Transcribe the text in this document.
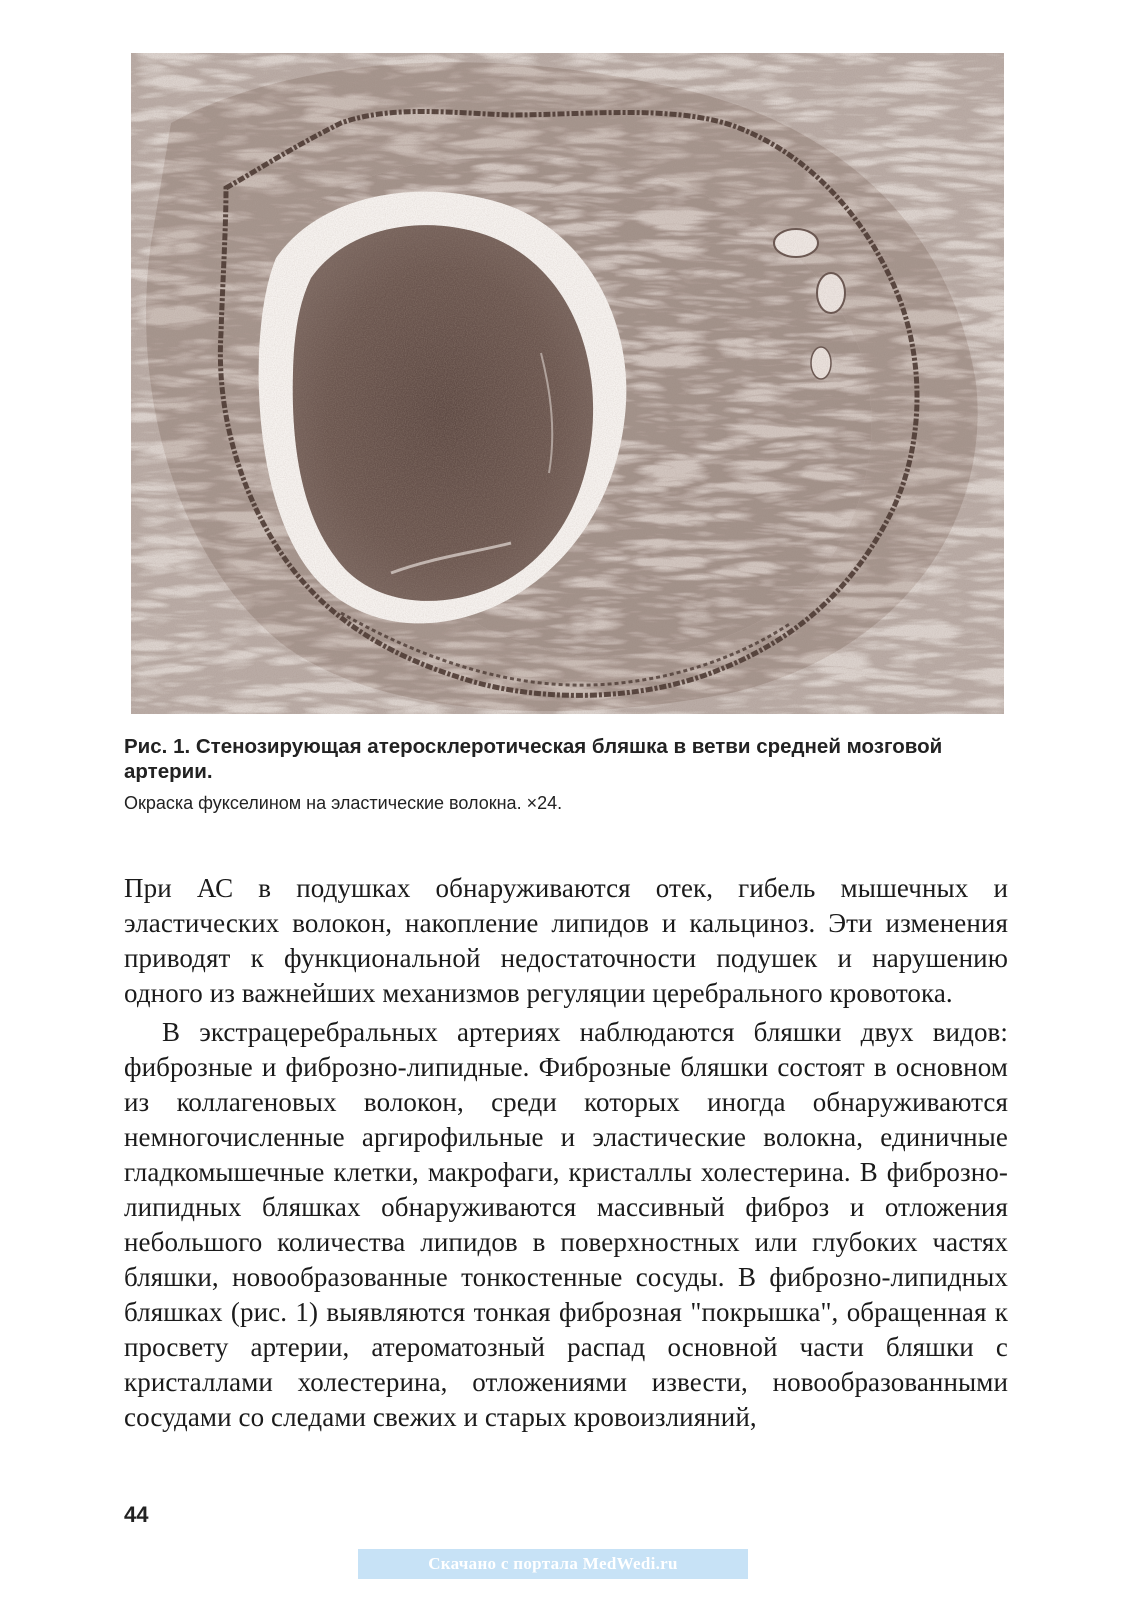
Рис. 1. Стенозирующая атеросклеротическая бляшка в ветви средней мозговой артерии.
Окраска фукселином на эластические волокна. ×24.

При АС в подушках обнаруживаются отек, гибель мышечных и эластических волокон, накопление липидов и кальциноз. Эти изменения приводят к функциональной недостаточности подушек и нарушению одного из важнейших механизмов регуляции церебрального кровотока.

В экстрацеребральных артериях наблюдаются бляшки двух видов: фиброзные и фиброзно-липидные. Фиброзные бляшки состоят в основном из коллагеновых волокон, среди которых иногда обнаруживаются немногочисленные аргирофильные и эластические волокна, единичные гладкомышечные клетки, макрофаги, кристаллы холестерина. В фиброзно-липидных бляшках обнаруживаются массивный фиброз и отложения небольшого количества липидов в поверхностных или глубоких частях бляшки, новообразованные тонкостенные сосуды. В фиброзно-липидных бляшках (рис. 1) выявляются тонкая фиброзная "покрышка", обращенная к просвету артерии, атероматозный распад основной части бляшки с кристаллами холестерина, отложениями извести, новообразованными сосудами со следами свежих и старых кровоизлияний,

44
Скачано с портала MedWedi.ru
